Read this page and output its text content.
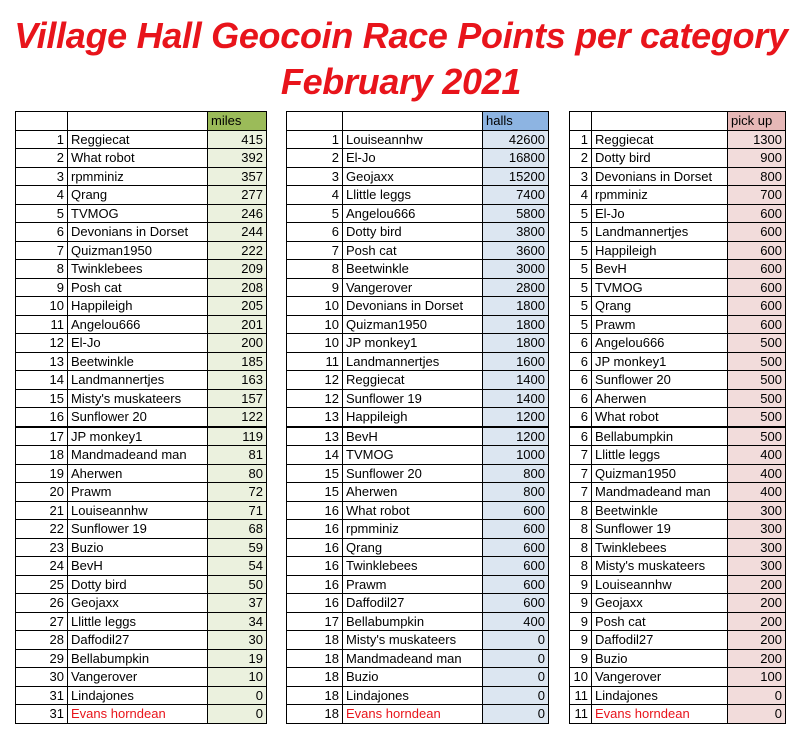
Village Hall Geocoin Race Points per category
February 2021
		miles
1	Reggiecat	415
2	What robot	392
3	rpmminiz	357
4	Qrang	277
5	TVMOG	246
6	Devonians in Dorset	244
7	Quizman1950	222
8	Twinklebees	209
9	Posh cat	208
10	Happileigh	205
11	Angelou666	201
12	El-Jo	200
13	Beetwinkle	185
14	Landmannertjes	163
15	Misty's muskateers	157
16	Sunflower 20	122
17	JP monkey1	119
18	Mandmadeand man	81
19	Aherwen	80
20	Prawm	72
21	Louiseannhw	71
22	Sunflower 19	68
23	Buzio	59
24	BevH	54
25	Dotty bird	50
26	Geojaxx	37
27	Llittle leggs	34
28	Daffodil27	30
29	Bellabumpkin	19
30	Vangerover	10
31	Lindajones	0
31	Evans horndean	0
		halls
1	Louiseannhw	42600
2	El-Jo	16800
3	Geojaxx	15200
4	Llittle leggs	7400
5	Angelou666	5800
6	Dotty bird	3800
7	Posh cat	3600
8	Beetwinkle	3000
9	Vangerover	2800
10	Devonians in Dorset	1800
10	Quizman1950	1800
10	JP monkey1	1800
11	Landmannertjes	1600
12	Reggiecat	1400
12	Sunflower 19	1400
13	Happileigh	1200
13	BevH	1200
14	TVMOG	1000
15	Sunflower 20	800
15	Aherwen	800
16	What robot	600
16	rpmminiz	600
16	Qrang	600
16	Twinklebees	600
16	Prawm	600
16	Daffodil27	600
17	Bellabumpkin	400
18	Misty's muskateers	0
18	Mandmadeand man	0
18	Buzio	0
18	Lindajones	0
18	Evans horndean	0
		pick up
1	Reggiecat	1300
2	Dotty bird	900
3	Devonians in Dorset	800
4	rpmminiz	700
5	El-Jo	600
5	Landmannertjes	600
5	Happileigh	600
5	BevH	600
5	TVMOG	600
5	Qrang	600
5	Prawm	600
6	Angelou666	500
6	JP monkey1	500
6	Sunflower 20	500
6	Aherwen	500
6	What robot	500
6	Bellabumpkin	500
7	Llittle leggs	400
7	Quizman1950	400
7	Mandmadeand man	400
8	Beetwinkle	300
8	Sunflower 19	300
8	Twinklebees	300
8	Misty's muskateers	300
9	Louiseannhw	200
9	Geojaxx	200
9	Posh cat	200
9	Daffodil27	200
9	Buzio	200
10	Vangerover	100
11	Lindajones	0
11	Evans horndean	0
